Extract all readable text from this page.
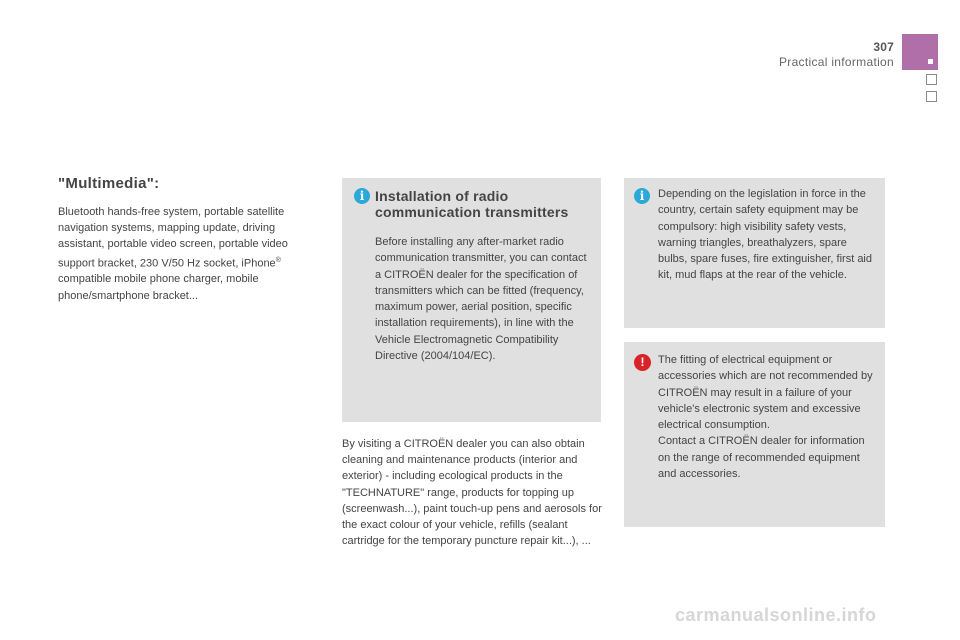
307
Practical information
"Multimedia":

Bluetooth hands-free system, portable satellite navigation systems, mapping update, driving assistant, portable video screen, portable video support bracket, 230 V/50 Hz socket, iPhone® compatible mobile phone charger, mobile phone/smartphone bracket...

i Installation of radio communication transmitters

Before installing any after-market radio communication transmitter, you can contact a CITROËN dealer for the specification of transmitters which can be fitted (frequency, maximum power, aerial position, specific installation requirements), in line with the Vehicle Electromagnetic Compatibility Directive (2004/104/EC).

By visiting a CITROËN dealer you can also obtain cleaning and maintenance products (interior and exterior) - including ecological products in the "TECHNATURE" range, products for topping up (screenwash...), paint touch-up pens and aerosols for the exact colour of your vehicle, refills (sealant cartridge for the temporary puncture repair kit...), ...

i	Depending on the legislation in force in the country, certain safety equipment may be compulsory: high visibility safety vests, warning triangles, breathalyzers, spare bulbs, spare fuses, fire extinguisher, first aid kit, mud flaps at the rear of the vehicle.

!	The fitting of electrical equipment or accessories which are not recommended by CITROËN may result in a failure of your vehicle's electronic system and excessive electrical consumption.

Contact a CITROËN dealer for information on the range of recommended equipment and accessories.

carmanualsonline.info
